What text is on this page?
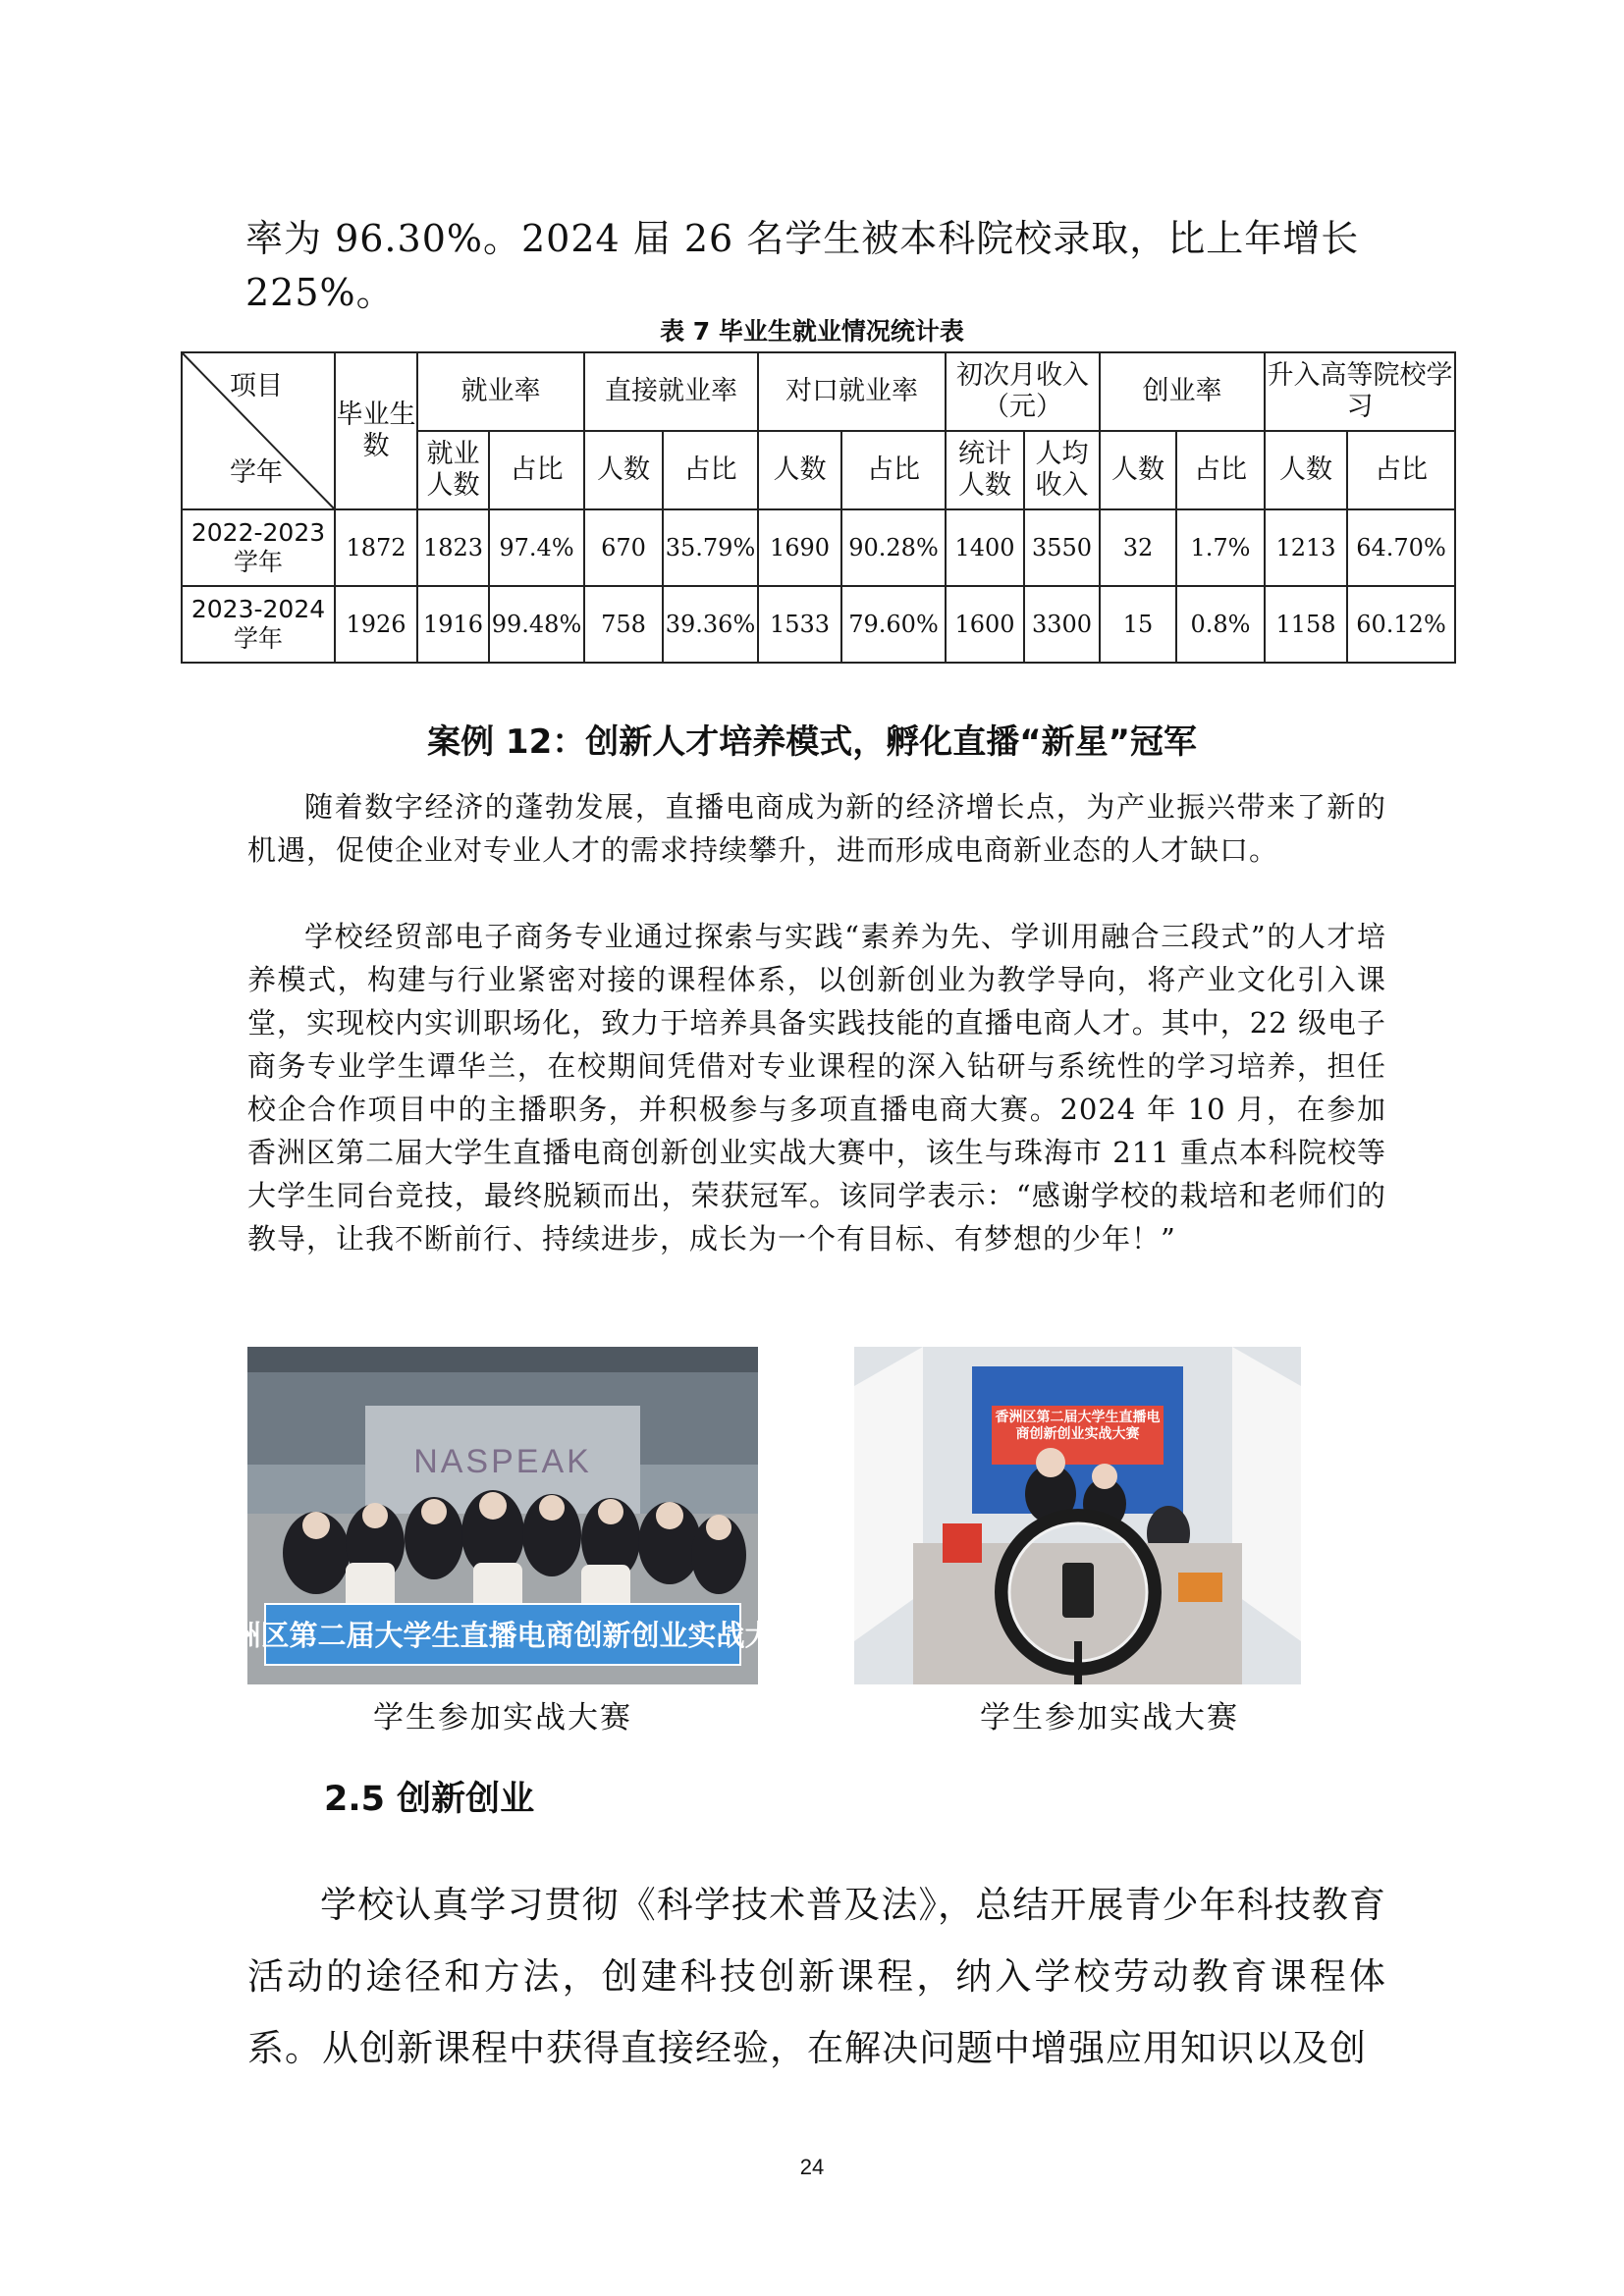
率为 96.30%。2024 届 26 名学生被本科院校录取，比上年增长 225%。
表 7 毕业生就业情况统计表
项目
学年	毕业生数	就业率		直接就业率		对口就业率		初次月收入（元）		创业率		升入高等院校学习	
		就业人数	占比	人数	占比	人数	占比	统计人数	人均收入	人数	占比	人数	占比
2022-2023学年	1872	1823	97.4%	670	35.79%	1690	90.28%	1400	3550	32	1.7%	1213	64.70%
2023-2024学年	1926	1916	99.48%	758	39.36%	1533	79.60%	1600	3300	15	0.8%	1158	60.12%
案例 12：创新人才培养模式，孵化直播“新星”冠军
随着数字经济的蓬勃发展，直播电商成为新的经济增长点，为产业振兴带来了新的机遇，促使企业对专业人才的需求持续攀升，进而形成电商新业态的人才缺口。
学校经贸部电子商务专业通过探索与实践“素养为先、学训用融合三段式”的人才培养模式，构建与行业紧密对接的课程体系，以创新创业为教学导向，将产业文化引入课堂，实现校内实训职场化，致力于培养具备实践技能的直播电商人才。其中，22 级电子商务专业学生谭华兰，在校期间凭借对专业课程的深入钻研与系统性的学习培养，担任校企合作项目中的主播职务，并积极参与多项直播电商大赛。2024 年 10 月，在参加香洲区第二届大学生直播电商创新创业实战大赛中，该生与珠海市 211 重点本科院校等大学生同台竞技，最终脱颖而出，荣获冠军。该同学表示：“感谢学校的栽培和老师们的教导，让我不断前行、持续进步，成长为一个有目标、有梦想的少年！”
NASPEAK
香洲区第二届大学生直播电商创新创业实战大赛
学生参加实战大赛
香洲区第二届大学生直播电商创新创业实战大赛
学生参加实战大赛
2.5 创新创业
学校认真学习贯彻《科学技术普及法》，总结开展青少年科技教育活动的途径和方法，创建科技创新课程，纳入学校劳动教育课程体系。从创新课程中获得直接经验，在解决问题中增强应用知识以及创
24
